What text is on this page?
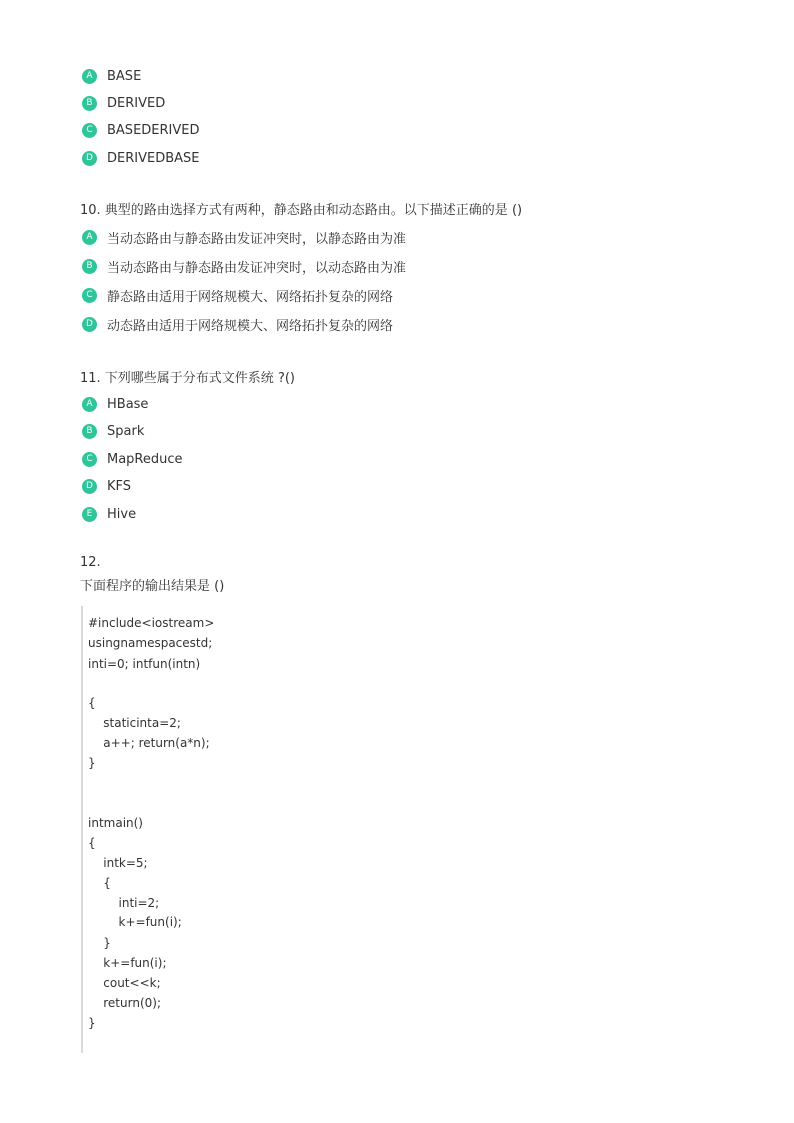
A	BASE
B	DERIVED
C	BASEDERIVED
D	DERIVEDBASE
10. 典型的路由选择方式有两种，静态路由和动态路由。以下描述正确的是 ()
A	当动态路由与静态路由发证冲突时，以静态路由为准
B	当动态路由与静态路由发证冲突时，以动态路由为准
C	静态路由适用于网络规模大、网络拓扑复杂的网络
D	动态路由适用于网络规模大、网络拓扑复杂的网络
11. 下列哪些属于分布式文件系统 ?()
A	HBase
B	Spark
C	MapReduce
D	KFS
E	Hive
12.
下面程序的输出结果是 ()
#include<iostream>
usingnamespacestd;
inti=0; intfun(intn)
{
staticinta=2;
a++; return(a*n);
}
intmain()
{
intk=5;
{
inti=2;
k+=fun(i);
}
k+=fun(i);
cout<<k;
return(0);
}
